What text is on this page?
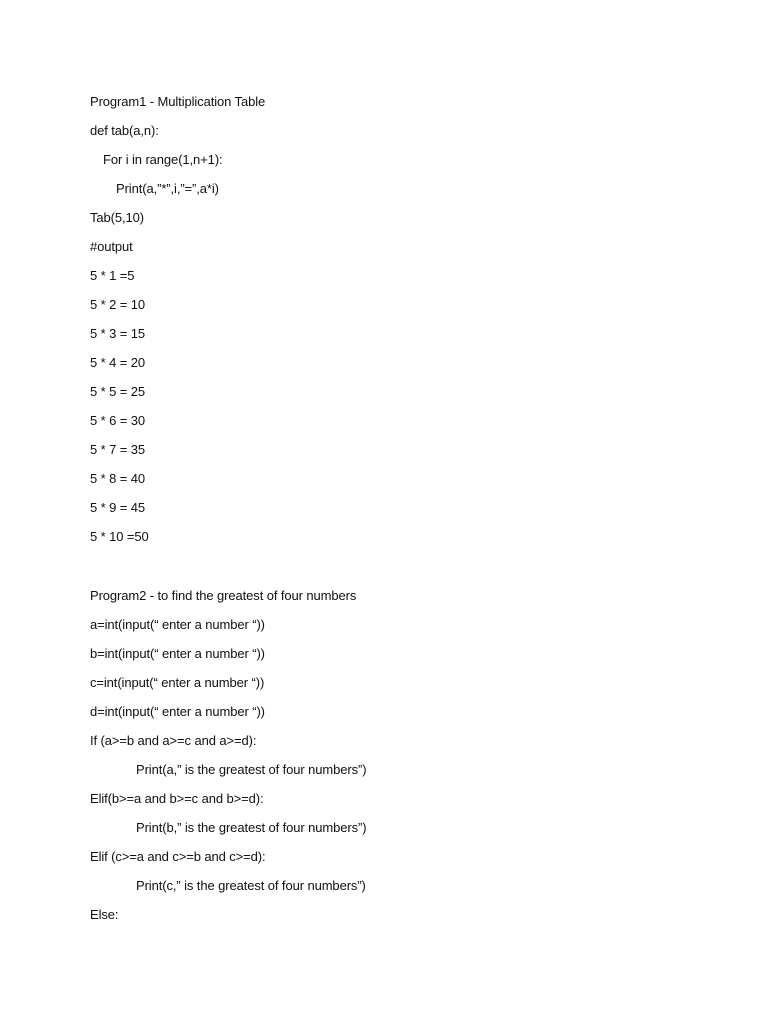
Program1 - Multiplication Table
def tab(a,n):
For i in range(1,n+1):
Print(a,”*”,i,”=”,a*i)
Tab(5,10)
#output
5 * 1 =5
5 * 2 = 10
5 * 3 = 15
5 * 4 = 20
5 * 5 = 25
5 * 6 = 30
5 * 7 = 35
5 * 8 = 40
5 * 9 = 45
5 * 10 =50
Program2 - to find the greatest of four numbers
a=int(input(“ enter a number “))
b=int(input(“ enter a number “))
c=int(input(“ enter a number “))
d=int(input(“ enter a number “))
If (a>=b and a>=c and a>=d):
Print(a,” is the greatest of four numbers”)
Elif(b>=a and b>=c and b>=d):
Print(b,” is the greatest of four numbers”)
Elif (c>=a and c>=b and c>=d):
Print(c,” is the greatest of four numbers”)
Else:
